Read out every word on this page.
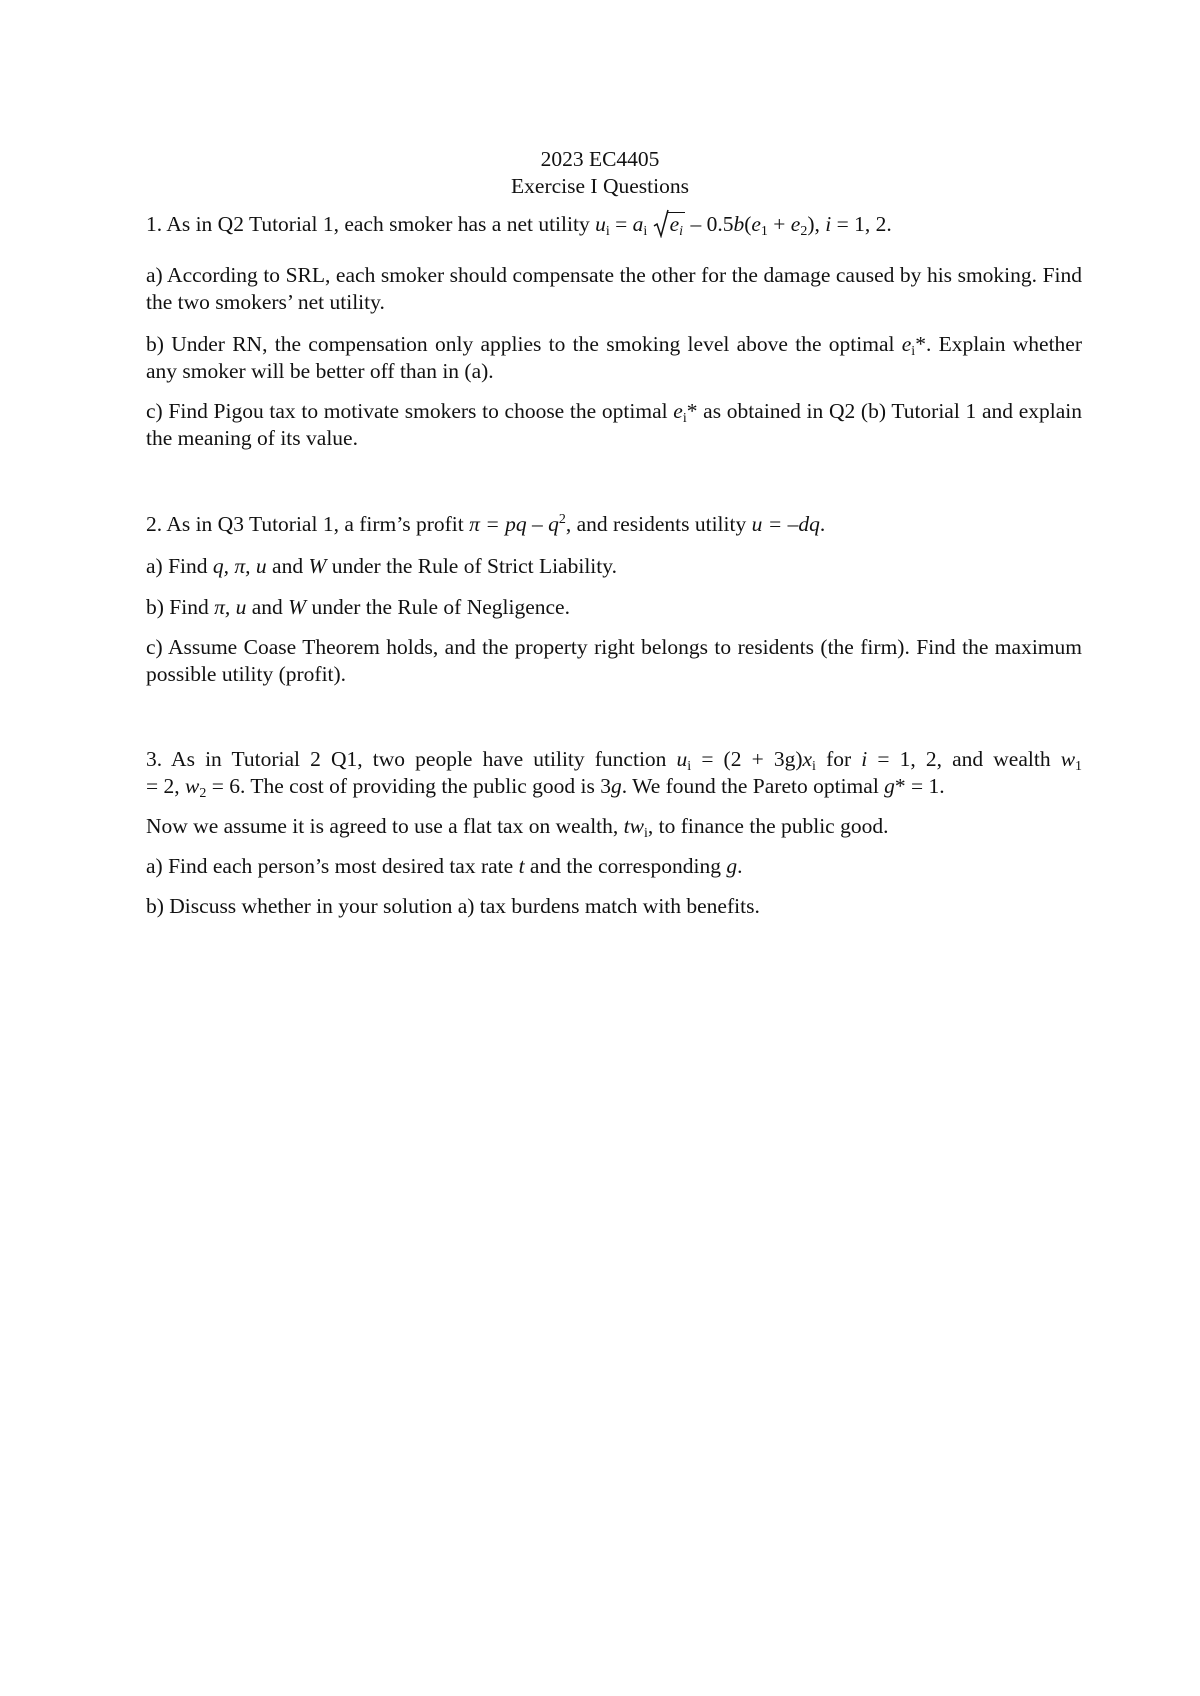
2023 EC4405
Exercise I Questions
1. As in Q2 Tutorial 1, each smoker has a net utility $u_i = a_i$ $e_i - 0.5b(e_1 + e_2)$, i = 1, 2.
a) According to SRL, each smoker should compensate the other for the damage caused by his smoking. Find the two smokers’ net utility.
b) Under RN, the compensation only applies to the smoking level above the optimal $e_i*$. Explain whether any smoker will be better off than in (a).
c) Find Pigou tax to motivate smokers to choose the optimal $e_i*$ as obtained in Q2 (b) Tutorial 1 and explain the meaning of its value.
2. As in Q3 Tutorial 1, a firm’s profit π = pq – $q^2$, and residents utility u = –dq.
a) Find q, π, u and W under the Rule of Strict Liability.
b) Find π, u and W under the Rule of Negligence.
c) Assume Coase Theorem holds, and the property right belongs to residents (the firm). Find the maximum possible utility (profit).
3. As in Tutorial 2 Q1, two people have utility function $u_i = (2 + 3g)x_i$ for i = 1, 2, and wealth $w_1$
= 2, $w_2 = 6$. The cost of providing the public good is 3g. We found the Pareto optimal g* = 1.
Now we assume it is agreed to use a flat tax on wealth, $tw_i$, to finance the public good.
a) Find each person’s most desired tax rate t and the corresponding g.
b) Discuss whether in your solution a) tax burdens match with benefits.
